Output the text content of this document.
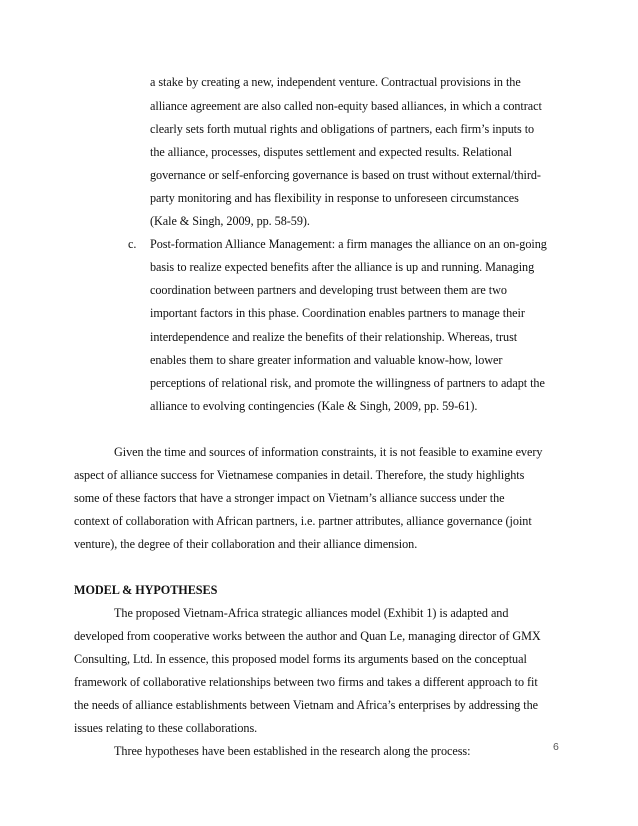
a stake by creating a new, independent venture. Contractual provisions in the
alliance agreement are also called non-equity based alliances, in which a contract
clearly sets forth mutual rights and obligations of partners, each firm’s inputs to
the alliance, processes, disputes settlement and expected results. Relational
governance or self-enforcing governance is based on trust without external/third-
party monitoring and has flexibility in response to unforeseen circumstances
(Kale & Singh, 2009, pp. 58-59).
c. Post-formation Alliance Management: a firm manages the alliance on an on-going
basis to realize expected benefits after the alliance is up and running. Managing
coordination between partners and developing trust between them are two
important factors in this phase. Coordination enables partners to manage their
interdependence and realize the benefits of their relationship. Whereas, trust
enables them to share greater information and valuable know-how, lower
perceptions of relational risk, and promote the willingness of partners to adapt the
alliance to evolving contingencies (Kale & Singh, 2009, pp. 59-61).
Given the time and sources of information constraints, it is not feasible to examine every
aspect of alliance success for Vietnamese companies in detail. Therefore, the study highlights
some of these factors that have a stronger impact on Vietnam’s alliance success under the
context of collaboration with African partners, i.e. partner attributes, alliance governance (joint
venture), the degree of their collaboration and their alliance dimension.
MODEL & HYPOTHESES
The proposed Vietnam-Africa strategic alliances model (Exhibit 1) is adapted and
developed from cooperative works between the author and Quan Le, managing director of GMX
Consulting, Ltd. In essence, this proposed model forms its arguments based on the conceptual
framework of collaborative relationships between two firms and takes a different approach to fit
the needs of alliance establishments between Vietnam and Africa’s enterprises by addressing the
issues relating to these collaborations.
Three hypotheses have been established in the research along the process:	6
